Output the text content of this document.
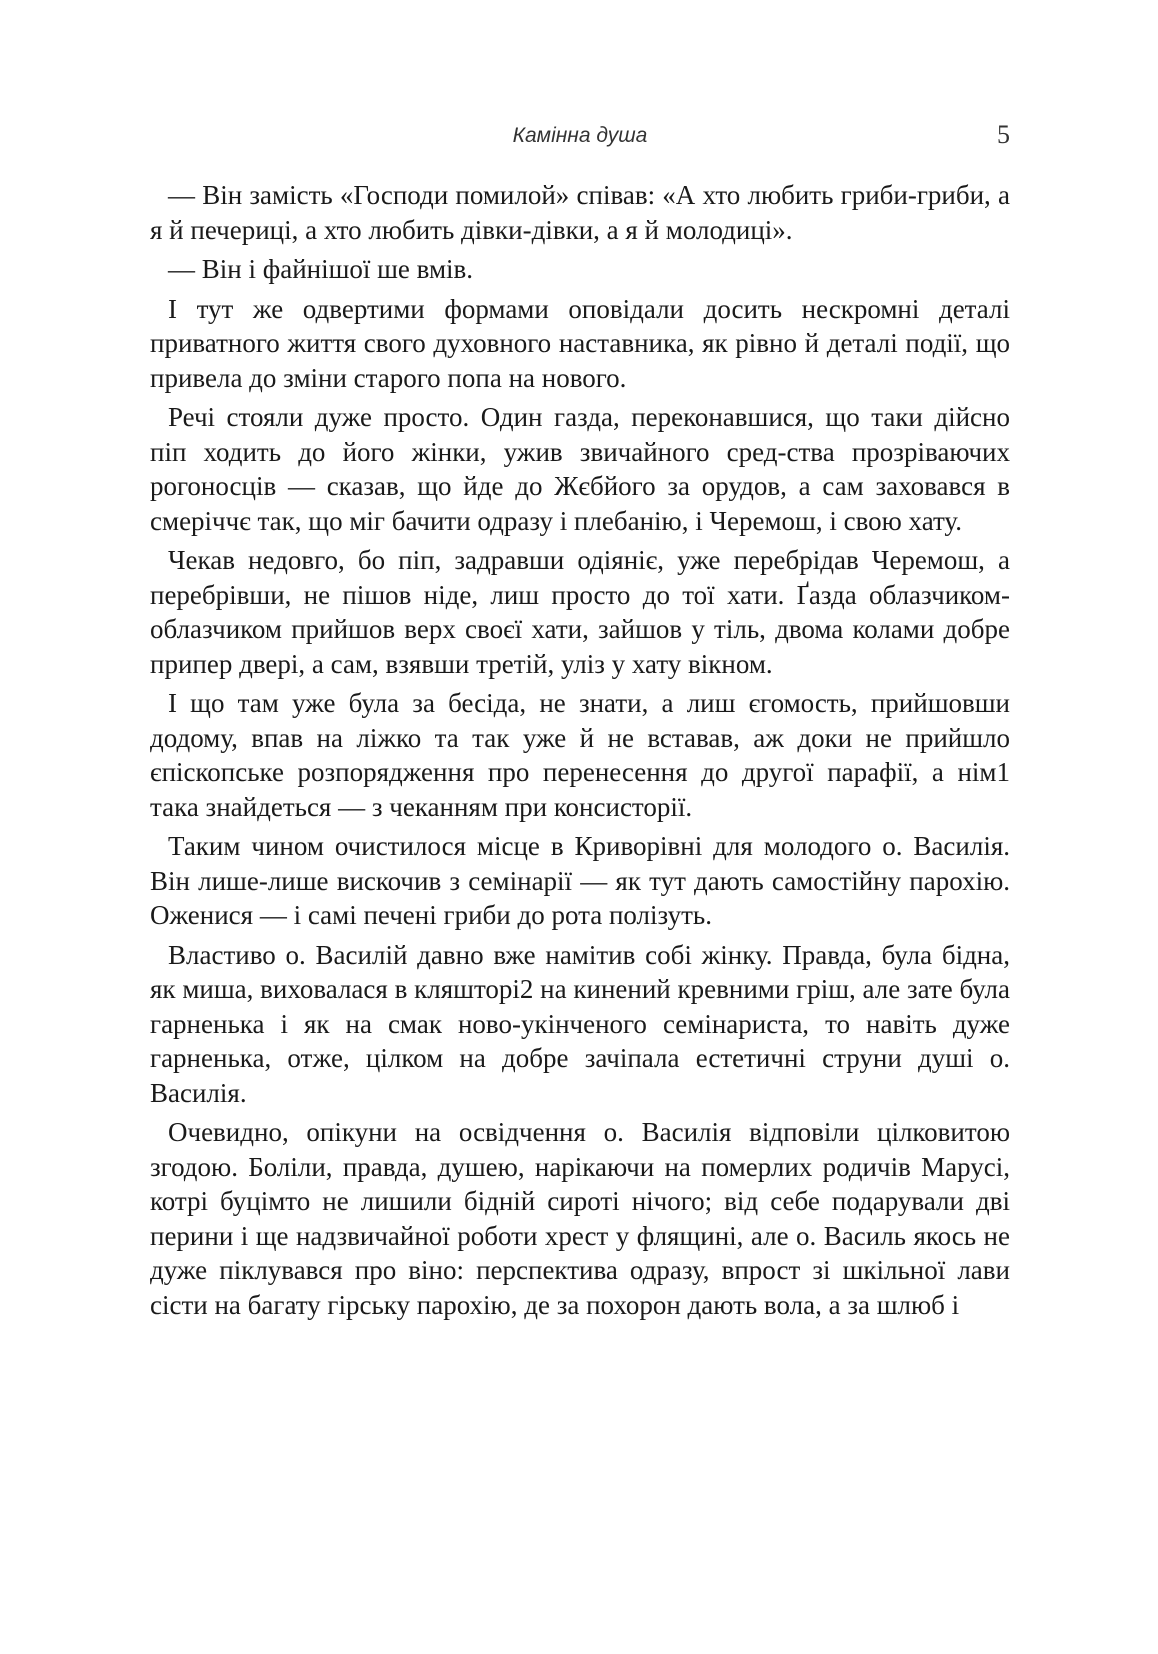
Камінна душа	5

— Він замість «Господи помилой» співав: «А хто любить гриби-гриби, а я й печериці, а хто любить дівки-дівки, а я й молодиці».

— Він і файнішої ше вмів.

І тут же одвертими формами оповідали досить нескромні деталі приватного життя свого духовного наставника, як рівно й деталі події, що привела до зміни старого попа на нового.

Речі стояли дуже просто. Один газда, переконавшися, що таки дійсно піп ходить до його жінки, ужив звичайного сред-ства прозріваючих рогоносців — сказав, що йде до Жєбйого за орудов, а сам заховався в смеріччє так, що міг бачити одразу і плебанію, і Черемош, і свою хату.

Чекав недовго, бо піп, задравши одіяніє, уже перебрідав Черемош, а перебрівши, не пішов ніде, лиш просто до тої хати. Ґазда облазчиком-облазчиком прийшов верх своєї хати, зайшов у тіль, двома колами добре припер двері, а сам, взявши третій, уліз у хату вікном.

І що там уже була за бесіда, не знати, а лиш єгомость, прийшовши додому, впав на ліжко та так уже й не вставав, аж доки не прийшло єпіскопське розпорядження про перенесення до другої парафії, а нім1 така знайдеться — з чеканням при консисторії.

Таким чином очистилося місце в Криворівні для молодого о. Василія. Він лише-лише вискочив з семінарії — як тут дають самостійну парохію. Оженися — і самі печені гриби до рота полізуть.

Властиво о. Василій давно вже намітив собі жінку. Правда, була бідна, як миша, виховалася в кляшторі2 на кинений кревними гріш, але зате була гарненька і як на смак ново-укінченого семінариста, то навіть дуже гарненька, отже, цілком на добре зачіпала естетичні струни душі о. Василія.

Очевидно, опікуни на освідчення о. Василія відповіли цілковитою згодою. Боліли, правда, душею, нарікаючи на померлих родичів Марусі, котрі буцімто не лишили бідній сироті нічого; від себе подарували дві перини і ще надзвичайної роботи хрест у флящині, але о. Василь якось не дуже піклувався про віно: перспектива одразу, впрост зі шкільної лави сісти на багату гірську парохію, де за похорон дають вола, а за шлюб і
